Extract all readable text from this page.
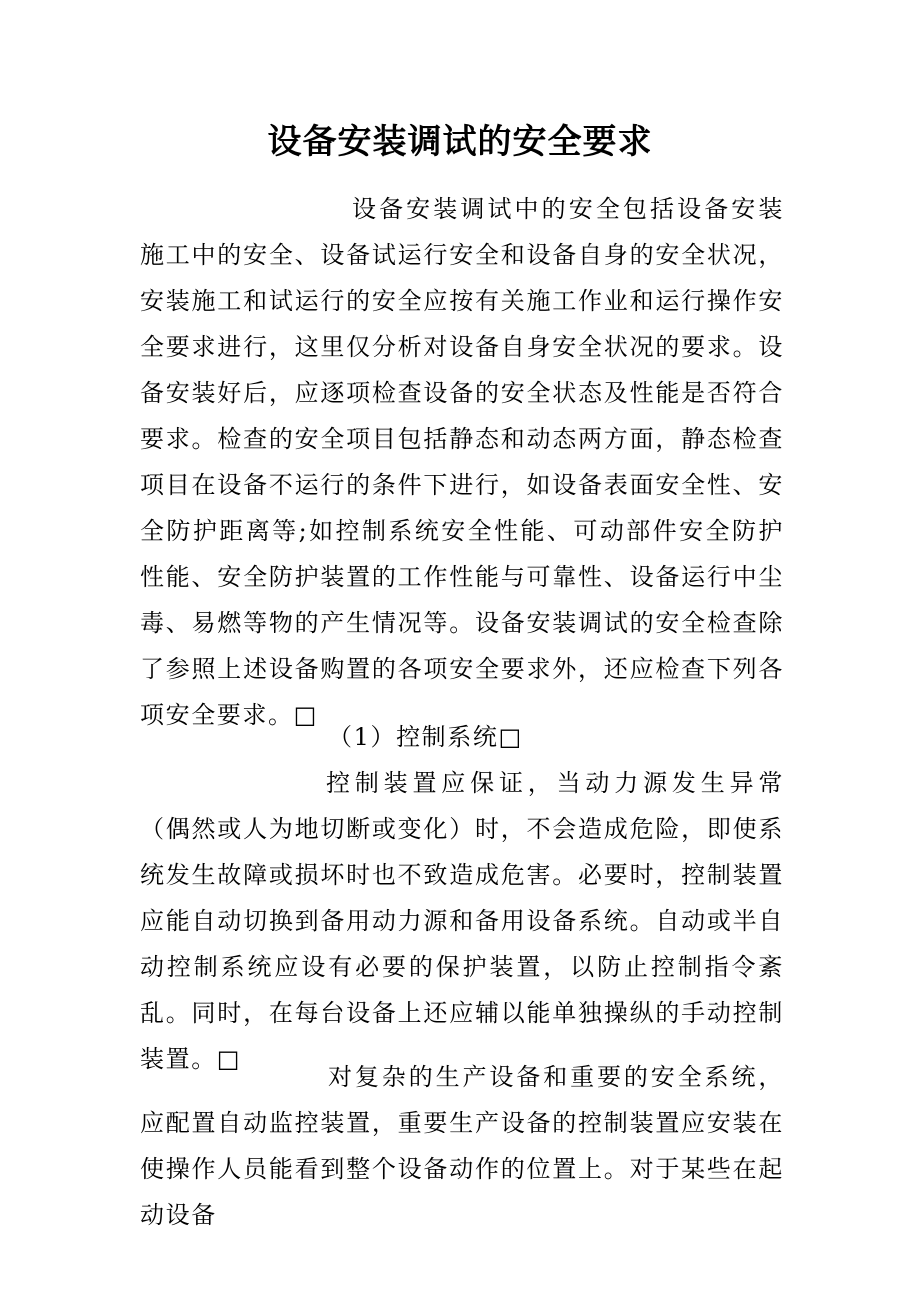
设备安装调试的安全要求

设备安装调试中的安全包括设备安装施工中的安全、设备试运行安全和设备自身的安全状况，安装施工和试运行的安全应按有关施工作业和运行操作安全要求进行，这里仅分析对设备自身安全状况的要求。设备安装好后，应逐项检查设备的安全状态及性能是否符合要求。检查的安全项目包括静态和动态两方面，静态检查项目在设备不运行的条件下进行，如设备表面安全性、安全防护距离等;如控制系统安全性能、可动部件安全防护性能、安全防护装置的工作性能与可靠性、设备运行中尘毒、易燃等物的产生情况等。设备安装调试的安全检查除了参照上述设备购置的各项安全要求外，还应检查下列各项安全要求。□

（1）控制系统□

控制装置应保证，当动力源发生异常（偶然或人为地切断或变化）时，不会造成危险，即使系统发生故障或损坏时也不致造成危害。必要时，控制装置应能自动切换到备用动力源和备用设备系统。自动或半自动控制系统应设有必要的保护装置，以防止控制指令紊乱。同时，在每台设备上还应辅以能单独操纵的手动控制装置。□

对复杂的生产设备和重要的安全系统，应配置自动监控装置，重要生产设备的控制装置应安装在使操作人员能看到整个设备动作的位置上。对于某些在起动设备
